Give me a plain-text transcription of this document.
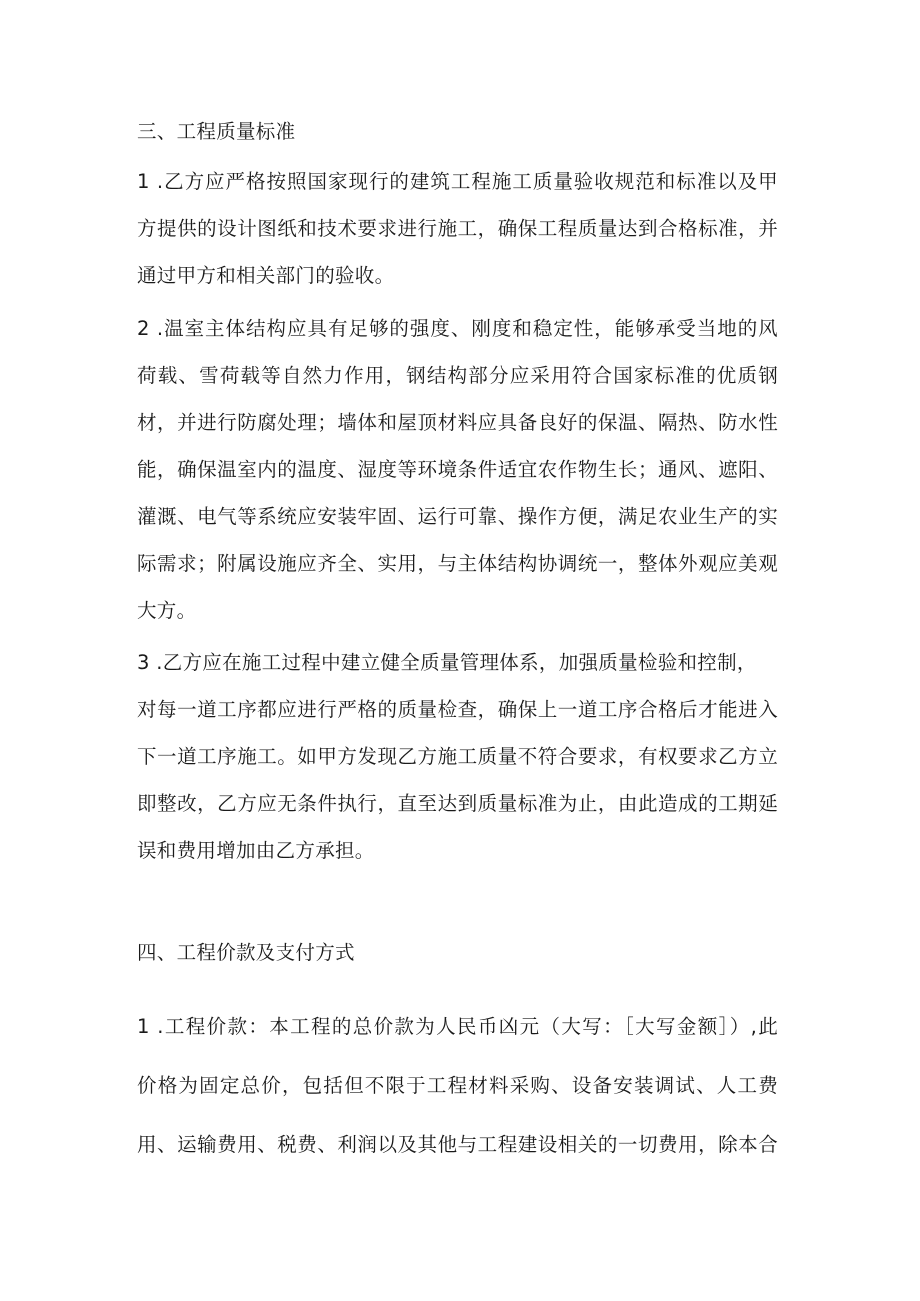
三、工程质量标准
1 .乙方应严格按照国家现行的建筑工程施工质量验收规范和标准以及甲
方提供的设计图纸和技术要求进行施工，确保工程质量达到合格标准，并
通过甲方和相关部门的验收。
2 .温室主体结构应具有足够的强度、刚度和稳定性，能够承受当地的风
荷载、雪荷载等自然力作用，钢结构部分应采用符合国家标准的优质钢
材，并进行防腐处理；墙体和屋顶材料应具备良好的保温、隔热、防水性
能，确保温室内的温度、湿度等环境条件适宜农作物生长；通风、遮阳、
灌溉、电气等系统应安装牢固、运行可靠、操作方便，满足农业生产的实
际需求；附属设施应齐全、实用，与主体结构协调统一，整体外观应美观
大方。
3 .乙方应在施工过程中建立健全质量管理体系，加强质量检验和控制，
对每一道工序都应进行严格的质量检查，确保上一道工序合格后才能进入
下一道工序施工。如甲方发现乙方施工质量不符合要求，有权要求乙方立
即整改，乙方应无条件执行，直至达到质量标准为止，由此造成的工期延
误和费用增加由乙方承担。
四、工程价款及支付方式
1 .工程价款：本工程的总价款为人民币凶元（大写：［大写金额］）,此
价格为固定总价，包括但不限于工程材料采购、设备安装调试、人工费
用、运输费用、税费、利润以及其他与工程建设相关的一切费用，除本合
